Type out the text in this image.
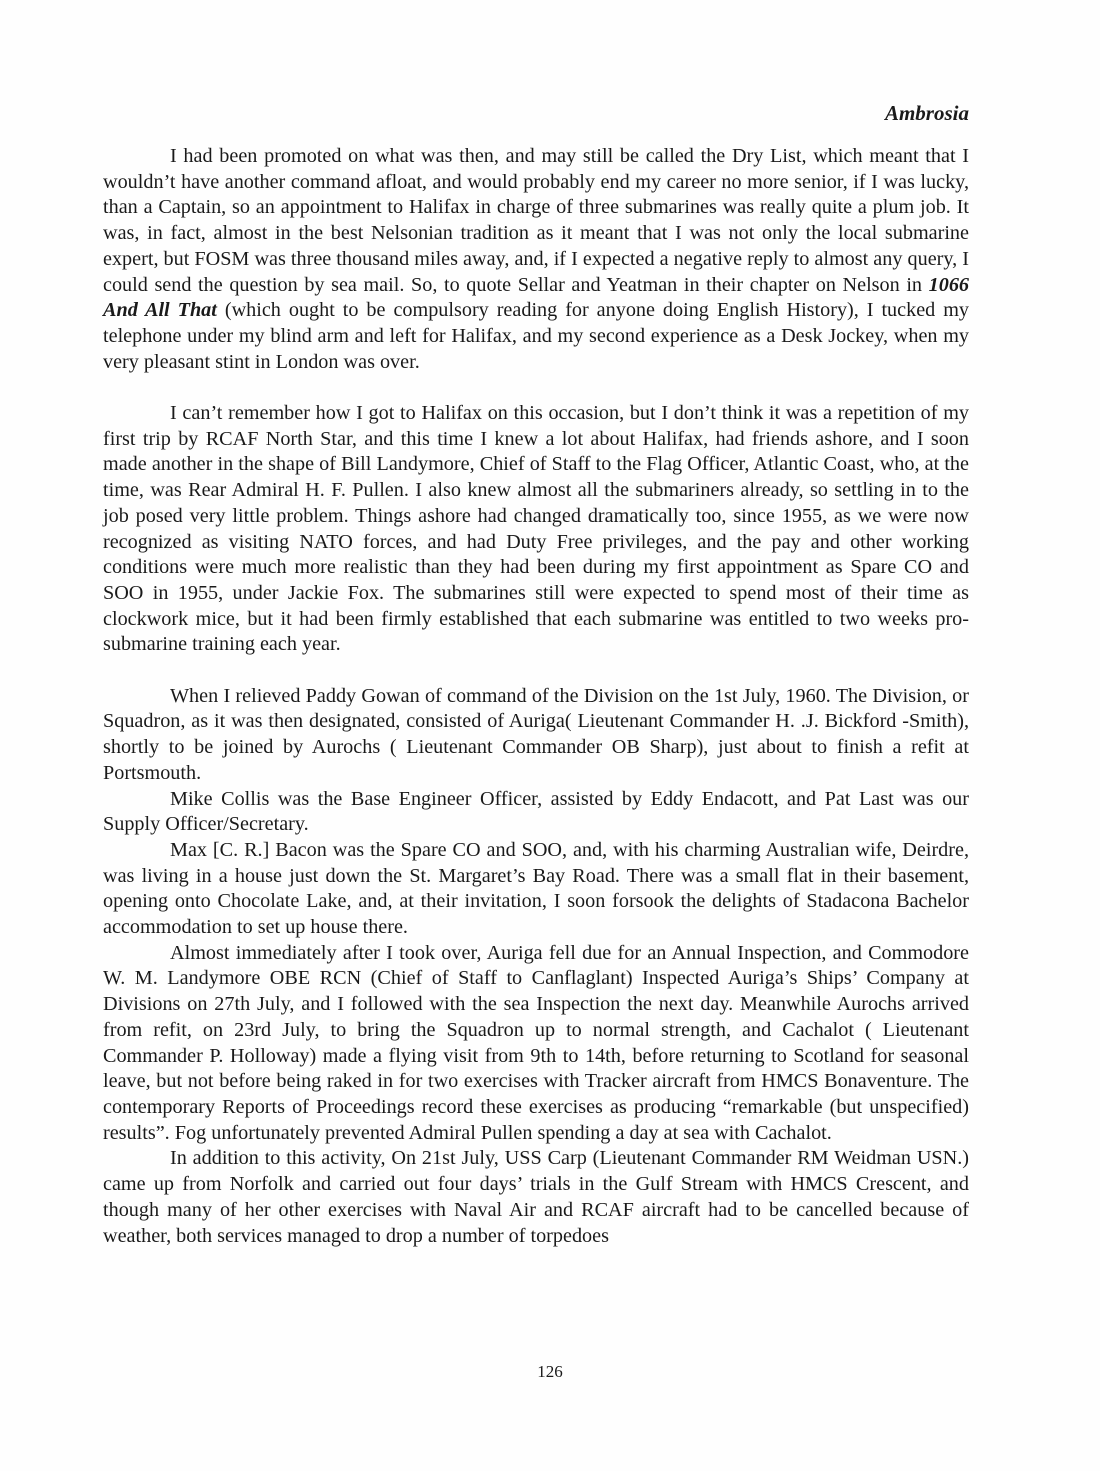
Ambrosia

I had been promoted on what was then, and may still be called the Dry List, which meant that I wouldn’t have another command afloat, and would probably end my career no more senior, if I was lucky, than a Captain, so an appointment to Halifax in charge of three submarines was really quite a plum job. It was, in fact, almost in the best Nelsonian tradition as it meant that I was not only the local submarine expert, but FOSM was three thousand miles away, and, if I expected a negative reply to almost any query, I could send the question by sea mail. So, to quote Sellar and Yeatman in their chapter on Nelson in 1066 And All That (which ought to be compulsory reading for anyone doing English History), I tucked my telephone under my blind arm and left for Halifax, and my second experience as a Desk Jockey, when my very pleasant stint in London was over.

I can’t remember how I got to Halifax on this occasion, but I don’t think it was a repetition of my first trip by RCAF North Star, and this time I knew a lot about Halifax, had friends ashore, and I soon made another in the shape of Bill Landymore, Chief of Staff to the Flag Officer, Atlantic Coast, who, at the time, was Rear Admiral H. F. Pullen. I also knew almost all the submariners already, so settling in to the job posed very little problem. Things ashore had changed dramatically too, since 1955, as we were now recognized as visiting NATO forces, and had Duty Free privileges, and the pay and other working conditions were much more realistic than they had been during my first appointment as Spare CO and SOO in 1955, under Jackie Fox. The submarines still were expected to spend most of their time as clockwork mice, but it had been firmly established that each submarine was entitled to two weeks pro-submarine training each year.

When I relieved Paddy Gowan of command of the Division on the 1st July, 1960. The Division, or Squadron, as it was then designated, consisted of Auriga( Lieutenant Commander H. .J. Bickford -Smith), shortly to be joined by Aurochs ( Lieutenant Commander OB Sharp), just about to finish a refit at Portsmouth.

Mike Collis was the Base Engineer Officer, assisted by Eddy Endacott, and Pat Last was our Supply Officer/Secretary.

Max [C. R.] Bacon was the Spare CO and SOO, and, with his charming Australian wife, Deirdre, was living in a house just down the St. Margaret’s Bay Road. There was a small flat in their basement, opening onto Chocolate Lake, and, at their invitation, I soon forsook the delights of Stadacona Bachelor accommodation to set up house there.

Almost immediately after I took over, Auriga fell due for an Annual Inspection, and Commodore W. M. Landymore OBE RCN (Chief of Staff to Canflaglant) Inspected Auriga’s Ships’ Company at Divisions on 27th July, and I followed with the sea Inspection the next day. Meanwhile Aurochs arrived from refit, on 23rd July, to bring the Squadron up to normal strength, and Cachalot ( Lieutenant Commander P. Holloway) made a flying visit from 9th to 14th, before returning to Scotland for seasonal leave, but not before being raked in for two exercises with Tracker aircraft from HMCS Bonaventure. The contemporary Reports of Proceedings record these exercises as producing “remarkable (but unspecified) results”. Fog unfortunately prevented Admiral Pullen spending a day at sea with Cachalot.

In addition to this activity, On 21st July, USS Carp (Lieutenant Commander RM Weidman USN.) came up from Norfolk and carried out four days’ trials in the Gulf Stream with HMCS Crescent, and though many of her other exercises with Naval Air and RCAF aircraft had to be cancelled because of weather, both services managed to drop a number of torpedoes

126
